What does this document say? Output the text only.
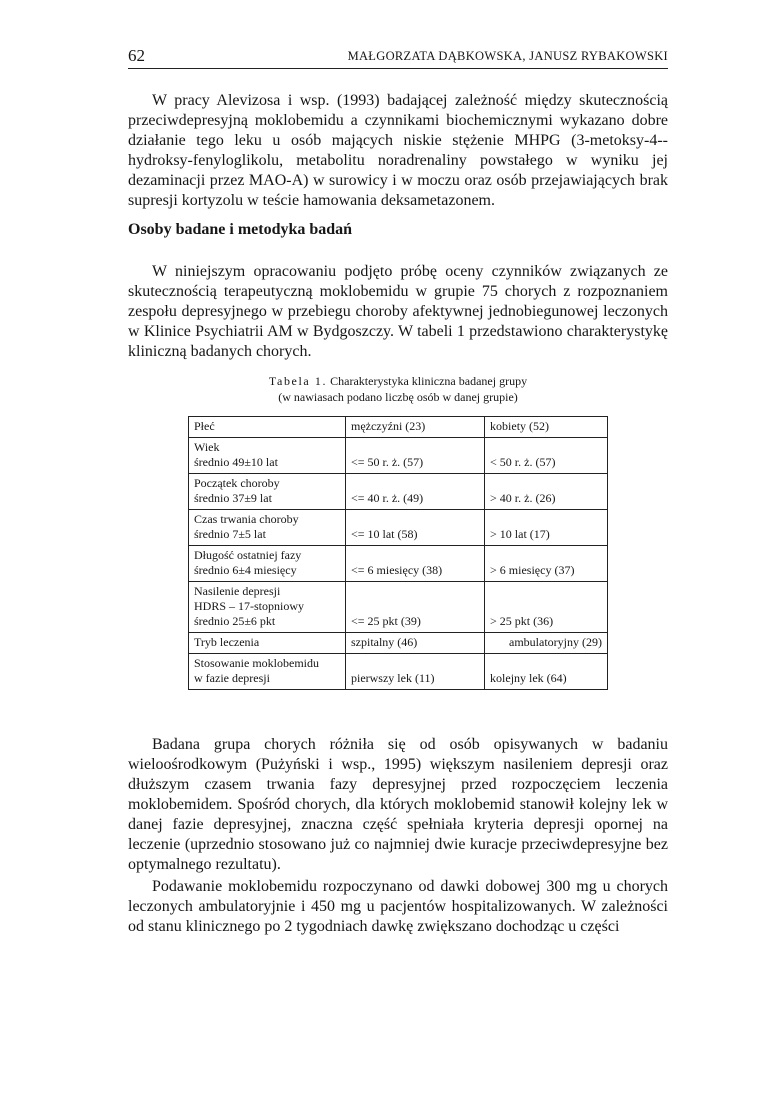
62	MAŁGORZATA DĄBKOWSKA, JANUSZ RYBAKOWSKI

W pracy Alevizosa i wsp. (1993) badającej zależność między skutecznością przeciwdepresyjną moklobemidu a czynnikami biochemicznymi wykazano dobre działanie tego leku u osób mających niskie stężenie MHPG (3-metoksy-4--hydroksy-fenyloglikolu, metabolitu noradrenaliny powstałego w wyniku jej dezaminacji przez MAO-A) w surowicy i w moczu oraz osób przejawiających brak supresji kortyzolu w teście hamowania deksametazonem.

Osoby badane i metodyka badań

W niniejszym opracowaniu podjęto próbę oceny czynników związanych ze skutecznością terapeutyczną moklobemidu w grupie 75 chorych z rozpoznaniem zespołu depresyjnego w przebiegu choroby afektywnej jednobiegunowej leczonych w Klinice Psychiatrii AM w Bydgoszczy. W tabeli 1 przedstawiono charakterystykę kliniczną badanych chorych.

Tabela 1. Charakterystyka kliniczna badanej grupy
(w nawiasach podano liczbę osób w danej grupie)
Płeć	mężczyźni (23)	kobiety (52)

Wiek
średnio 49±10 lat	<= 50 r. ż. (57)	< 50 r. ż. (57)

Początek choroby
średnio 37±9 lat	<= 40 r. ż. (49)	> 40 r. ż. (26)

Czas trwania choroby
średnio 7±5 lat	<= 10 lat (58)	> 10 lat (17)

Długość ostatniej fazy
średnio 6±4 miesięcy	<= 6 miesięcy (38)	> 6 miesięcy (37)

Nasilenie depresji
HDRS – 17-stopniowy
średnio 25±6 pkt	<= 25 pkt (39)	> 25 pkt (36)

Tryb leczenia	szpitalny (46)	ambulatoryjny (29)

Stosowanie moklobemidu
w fazie depresji	pierwszy lek (11)	kolejny lek (64)

Badana grupa chorych różniła się od osób opisywanych w badaniu wieloośrodkowym (Pużyński i wsp., 1995) większym nasileniem depresji oraz dłuższym czasem trwania fazy depresyjnej przed rozpoczęciem leczenia moklobemidem. Spośród chorych, dla których moklobemid stanowił kolejny lek w danej fazie depresyjnej, znaczna część spełniała kryteria depresji opornej na leczenie (uprzednio stosowano już co najmniej dwie kuracje przeciwdepresyjne bez optymalnego rezultatu).

Podawanie moklobemidu rozpoczynano od dawki dobowej 300 mg u chorych leczonych ambulatoryjnie i 450 mg u pacjentów hospitalizowanych. W zależności od stanu klinicznego po 2 tygodniach dawkę zwiększano dochodząc u części
